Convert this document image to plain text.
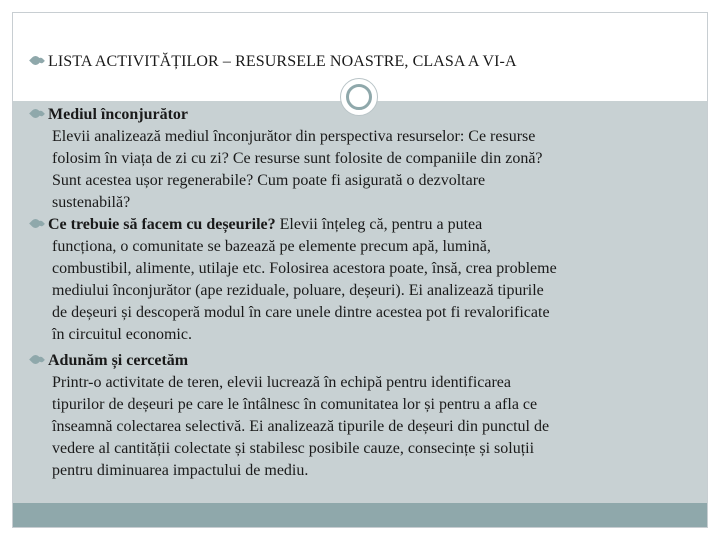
LISTA ACTIVITĂȚILOR – RESURSELE NOASTRE, CLASA A VI-A
Mediul înconjurător
Elevii analizează mediul înconjurător din perspectiva resurselor: Ce resurse
folosim în viața de zi cu zi? Ce resurse sunt folosite de companiile din zonă?
Sunt acestea ușor regenerabile? Cum poate fi asigurată o dezvoltare
sustenabilă?
Ce trebuie să facem cu deșeurile? Elevii înțeleg că, pentru a putea
funcționa, o comunitate se bazează pe elemente precum apă, lumină,
combustibil, alimente, utilaje etc. Folosirea acestora poate, însă, crea probleme
mediului înconjurător (ape reziduale, poluare, deșeuri). Ei analizează tipurile
de deșeuri și descoperă modul în care unele dintre acestea pot fi revalorificate
în circuitul economic.
Adunăm și cercetăm
Printr-o activitate de teren, elevii lucrează în echipă pentru identificarea
tipurilor de deșeuri pe care le întâlnesc în comunitatea lor și pentru a afla ce
înseamnă colectarea selectivă. Ei analizează tipurile de deșeuri din punctul de
vedere al cantității colectate și stabilesc posibile cauze, consecințe și soluții
pentru diminuarea impactului de mediu.
